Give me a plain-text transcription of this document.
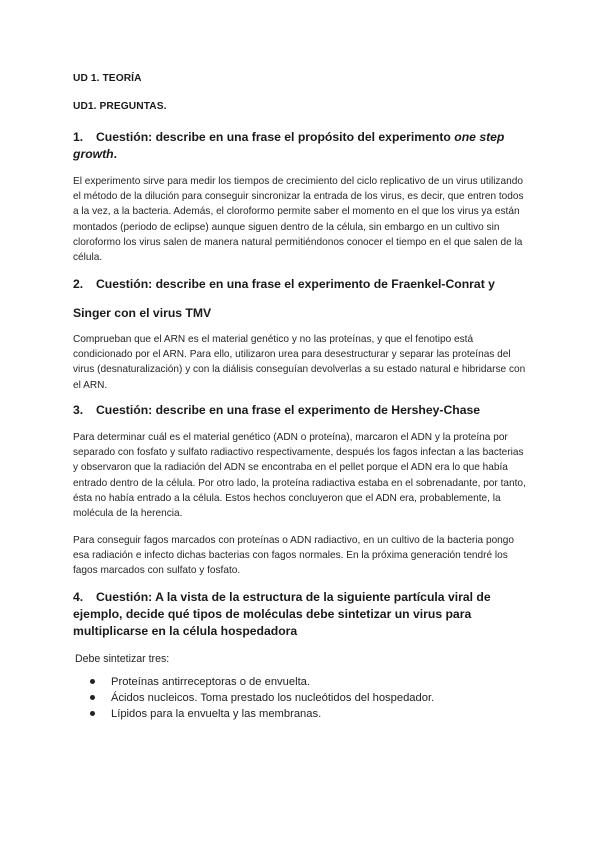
UD 1. TEORÍA
UD1. PREGUNTAS.
1. Cuestión: describe en una frase el propósito del experimento one step growth.
El experimento sirve para medir los tiempos de crecimiento del ciclo replicativo de un virus utilizando el método de la dilución para conseguir sincronizar la entrada de los virus, es decir, que entren todos a la vez, a la bacteria. Además, el cloroformo permite saber el momento en el que los virus ya están montados (periodo de eclipse) aunque siguen dentro de la célula, sin embargo en un cultivo sin cloroformo los virus salen de manera natural permitiéndonos conocer el tiempo en el que salen de la célula.
2. Cuestión: describe en una frase el experimento de Fraenkel-Conrat y
Singer con el virus TMV
Comprueban que el ARN es el material genético y no las proteínas, y que el fenotipo está condicionado por el ARN. Para ello, utilizaron urea para desestructurar y separar las proteínas del virus (desnaturalización) y con la diálisis conseguían devolverlas a su estado natural e hibridarse con el ARN.
3. Cuestión: describe en una frase el experimento de Hershey-Chase
Para determinar cuál es el material genético (ADN o proteína), marcaron el ADN y la proteína por separado con fosfato y sulfato radiactivo respectivamente, después los fagos infectan a las bacterias y observaron que la radiación del ADN se encontraba en el pellet porque el ADN era lo que había entrado dentro de la célula. Por otro lado, la proteína radiactiva estaba en el sobrenadante, por tanto, ésta no había entrado a la célula. Estos hechos concluyeron que el ADN era, probablemente, la molécula de la herencia.
Para conseguir fagos marcados con proteínas o ADN radiactivo, en un cultivo de la bacteria pongo esa radiación e infecto dichas bacterias con fagos normales. En la próxima generación tendré los fagos marcados con sulfato y fosfato.
4. Cuestión: A la vista de la estructura de la siguiente partícula viral de ejemplo, decide qué tipos de moléculas debe sintetizar un virus para multiplicarse en la célula hospedadora
Debe sintetizar tres:
Proteínas antirreceptoras o de envuelta.
Ácidos nucleicos. Toma prestado los nucleótidos del hospedador.
Lípidos para la envuelta y las membranas.
